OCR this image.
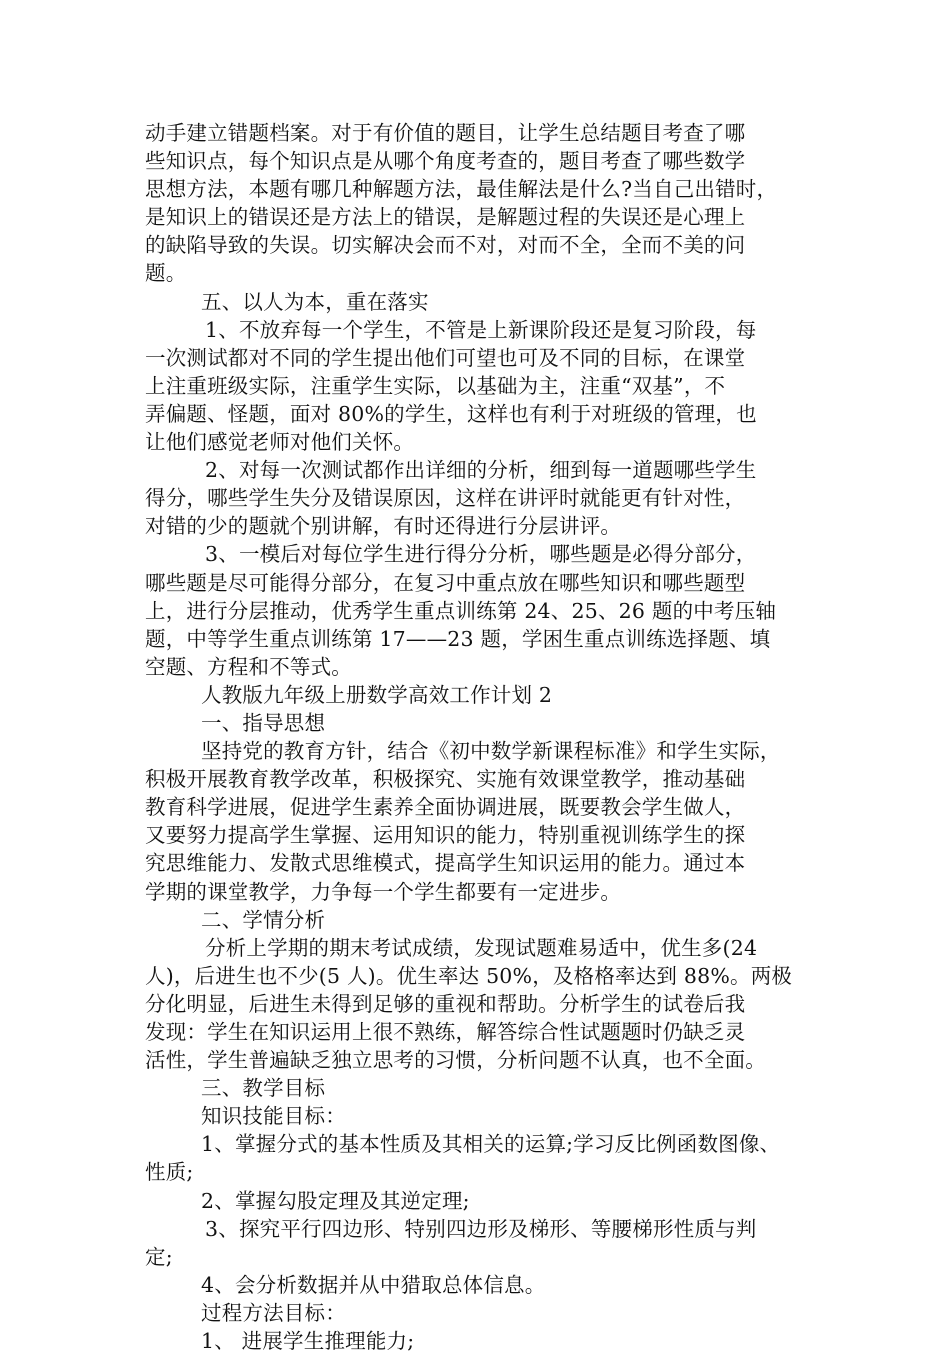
动手建立错题档案。对于有价值的题目，让学生总结题目考查了哪
些知识点，每个知识点是从哪个角度考查的，题目考查了哪些数学
思想方法，本题有哪几种解题方法，最佳解法是什么?当自己出错时，
是知识上的错误还是方法上的错误，是解题过程的失误还是心理上
的缺陷导致的失误。切实解决会而不对，对而不全，全而不美的问
题。
五、以人为本，重在落实
1、不放弃每一个学生，不管是上新课阶段还是复习阶段，每
一次测试都对不同的学生提出他们可望也可及不同的目标，在课堂
上注重班级实际，注重学生实际，以基础为主，注重“双基”，不
弄偏题、怪题，面对 80%的学生，这样也有利于对班级的管理，也
让他们感觉老师对他们关怀。
2、对每一次测试都作出详细的分析，细到每一道题哪些学生
得分，哪些学生失分及错误原因，这样在讲评时就能更有针对性，
对错的少的题就个别讲解，有时还得进行分层讲评。
3、一模后对每位学生进行得分分析，哪些题是必得分部分，
哪些题是尽可能得分部分，在复习中重点放在哪些知识和哪些题型
上，进行分层推动，优秀学生重点训练第 24、25、26 题的中考压轴
题，中等学生重点训练第 17——23 题，学困生重点训练选择题、填
空题、方程和不等式。
人教版九年级上册数学高效工作计划 2
一、指导思想
坚持党的教育方针，结合《初中数学新课程标准》和学生实际，
积极开展教育教学改革，积极探究、实施有效课堂教学，推动基础
教育科学进展，促进学生素养全面协调进展，既要教会学生做人，
又要努力提高学生掌握、运用知识的能力，特别重视训练学生的探
究思维能力、发散式思维模式，提高学生知识运用的能力。通过本
学期的课堂教学，力争每一个学生都要有一定进步。
二、学情分析
分析上学期的期末考试成绩，发现试题难易适中，优生多(24
人)，后进生也不少(5 人)。优生率达 50%，及格格率达到 88%。两极
分化明显，后进生未得到足够的重视和帮助。分析学生的试卷后我
发现：学生在知识运用上很不熟练，解答综合性试题题时仍缺乏灵
活性，学生普遍缺乏独立思考的习惯，分析问题不认真，也不全面。
三、教学目标
知识技能目标：
1、掌握分式的基本性质及其相关的运算;学习反比例函数图像、
性质;
2、掌握勾股定理及其逆定理;
3、探究平行四边形、特别四边形及梯形、等腰梯形性质与判
定;
4、会分析数据并从中猎取总体信息。
过程方法目标：
1、 进展学生推理能力;
